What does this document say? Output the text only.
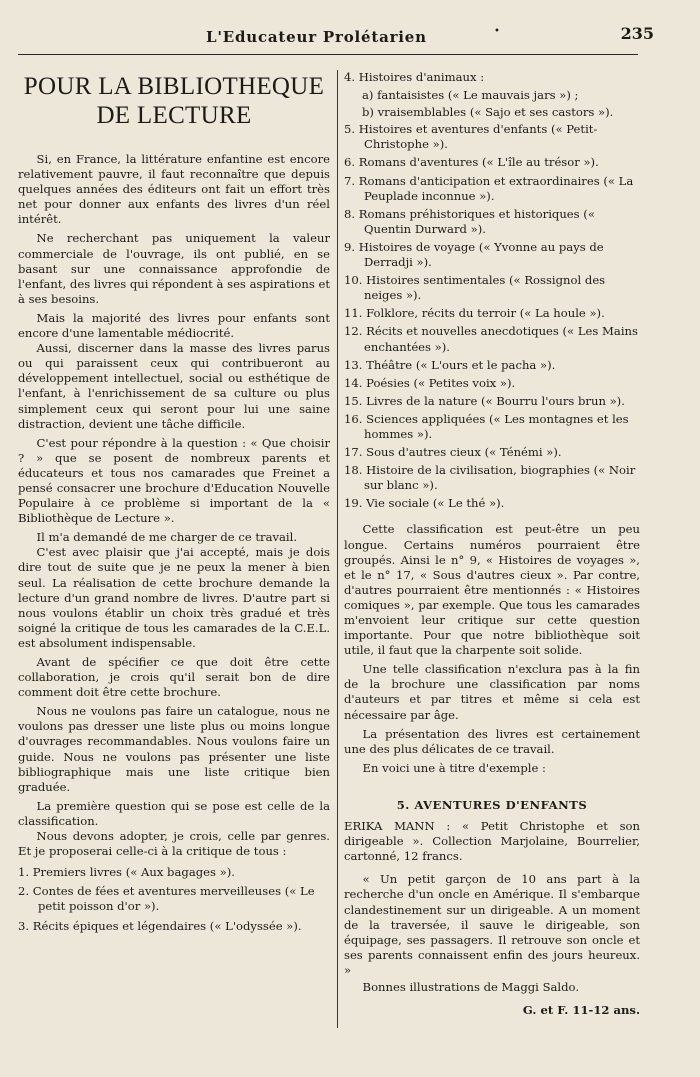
L'Educateur Prolétarien	•	235
POUR LA BIBLIOTHEQUE
DE LECTURE

Si, en France, la littérature enfantine est encore relativement pauvre, il faut reconnaître que depuis quelques années des éditeurs ont fait un effort très net pour donner aux enfants des livres d'un réel intérêt.

Ne recherchant pas uniquement la valeur commerciale de l'ouvrage, ils ont publié, en se basant sur une connaissance approfondie de l'enfant, des livres qui répondent à ses aspirations et à ses besoins.

Mais la majorité des livres pour enfants sont encore d'une lamentable médiocrité.

Aussi, discerner dans la masse des livres parus ou qui paraissent ceux qui contribueront au développement intellectuel, social ou esthétique de l'enfant, à l'enrichissement de sa culture ou plus simplement ceux qui seront pour lui une saine distraction, devient une tâche difficile.

C'est pour répondre à la question : « Que choisir ? » que se posent de nombreux parents et éducateurs et tous nos camarades que Freinet a pensé consacrer une brochure d'Education Nouvelle Populaire à ce problème si important de la « Bibliothèque de Lecture ».

Il m'a demandé de me charger de ce travail.

C'est avec plaisir que j'ai accepté, mais je dois dire tout de suite que je ne peux la mener à bien seul. La réalisation de cette brochure demande la lecture d'un grand nombre de livres. D'autre part si nous voulons établir un choix très gradué et très soigné la critique de tous les camarades de la C.E.L. est absolument indispensable.

Avant de spécifier ce que doit être cette collaboration, je crois qu'il serait bon de dire comment doit être cette brochure.

Nous ne voulons pas faire un catalogue, nous ne voulons pas dresser une liste plus ou moins longue d'ouvrages recommandables. Nous voulons faire un guide. Nous ne voulons pas présenter une liste bibliographique mais une liste critique bien graduée.

La première question qui se pose est celle de la classification.

Nous devons adopter, je crois, celle par genres. Et je proposerai celle-ci à la critique de tous :

1. Premiers livres (« Aux bagages »).
2. Contes de fées et aventures merveilleuses (« Le petit poisson d'or »).
3. Récits épiques et légendaires (« L'odyssée »).
4. Histoires d'animaux :
a) fantaisistes (« Le mauvais jars ») ;
b) vraisemblables (« Sajo et ses castors »).
5. Histoires et aventures d'enfants (« Petit-Christophe »).
6. Romans d'aventures (« L'île au trésor »).
7. Romans d'anticipation et extraordinaires (« La Peuplade inconnue »).
8. Romans préhistoriques et historiques (« Quentin Durward »).
9. Histoires de voyage (« Yvonne au pays de Derradji »).
10. Histoires sentimentales (« Rossignol des neiges »).
11. Folklore, récits du terroir (« La houle »).
12. Récits et nouvelles anecdotiques (« Les Mains enchantées »).
13. Théâtre (« L'ours et le pacha »).
14. Poésies (« Petites voix »).
15. Livres de la nature (« Bourru l'ours brun »).
16. Sciences appliquées (« Les montagnes et les hommes »).
17. Sous d'autres cieux (« Ténémi »).
18. Histoire de la civilisation, biographies (« Noir sur blanc »).
19. Vie sociale (« Le thé »).

Cette classification est peut-être un peu longue. Certains numéros pourraient être groupés. Ainsi le n° 9, « Histoires de voyages », et le n° 17, « Sous d'autres cieux ». Par contre, d'autres pourraient être mentionnés : « Histoires comiques », par exemple. Que tous les camarades m'envoient leur critique sur cette question importante. Pour que notre bibliothèque soit utile, il faut que la charpente soit solide.

Une telle classification n'exclura pas à la fin de la brochure une classification par noms d'auteurs et par titres et même si cela est nécessaire par âge.

La présentation des livres est certainement une des plus délicates de ce travail.

En voici une à titre d'exemple :

5. AVENTURES D'ENFANTS

ERIKA MANN : « Petit Christophe et son dirigeable ». Collection Marjolaine, Bourrelier, cartonné, 12 francs.

« Un petit garçon de 10 ans part à la recherche d'un oncle en Amérique. Il s'embarque clandestinement sur un dirigeable. A un moment de la traversée, il sauve le dirigeable, son équipage, ses passagers. Il retrouve son oncle et ses parents connaissent enfin des jours heureux. »

Bonnes illustrations de Maggi Saldo.

G. et F. 11-12 ans.
